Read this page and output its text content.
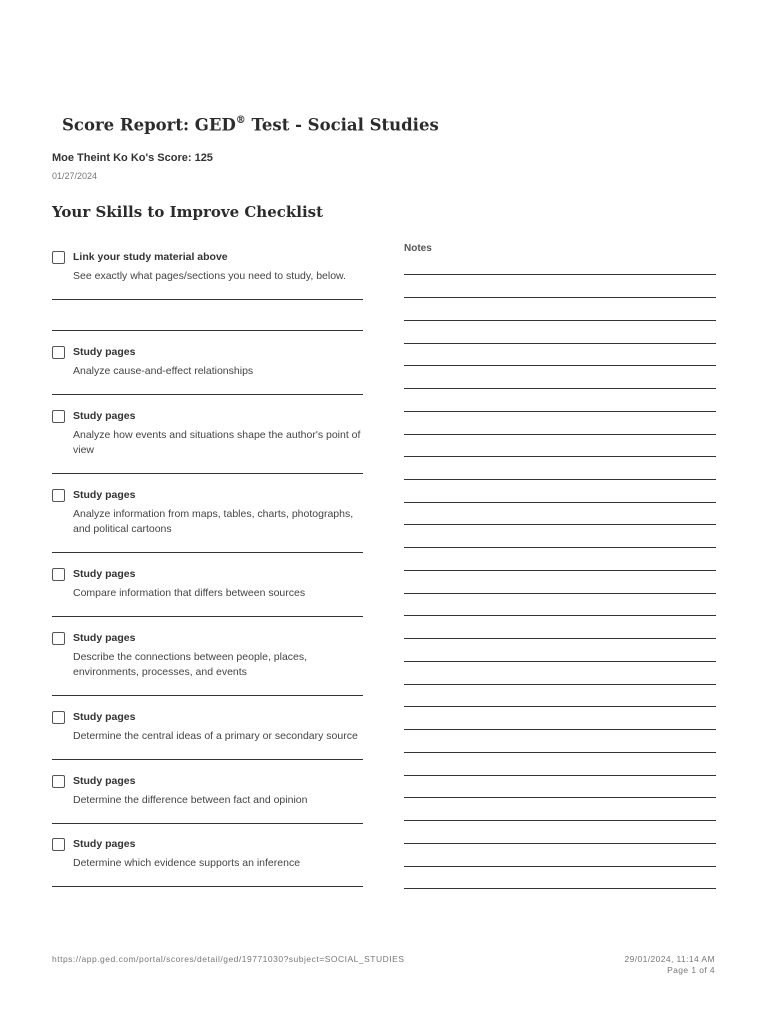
Score Report: GED® Test - Social Studies
Moe Theint Ko Ko's Score: 125
01/27/2024
Your Skills to Improve Checklist
Link your study material above
See exactly what pages/sections you need to study, below.
Study pages
Analyze cause-and-effect relationships
Study pages
Analyze how events and situations shape the author's point of view
Study pages
Analyze information from maps, tables, charts, photographs, and political cartoons
Study pages
Compare information that differs between sources
Study pages
Describe the connections between people, places, environments, processes, and events
Study pages
Determine the central ideas of a primary or secondary source
Study pages
Determine the difference between fact and opinion
Study pages
Determine which evidence supports an inference
Notes
https://app.ged.com/portal/scores/detail/ged/19771030?subject=SOCIAL_STUDIES	29/01/2024, 11:14 AM
Page 1 of 4
